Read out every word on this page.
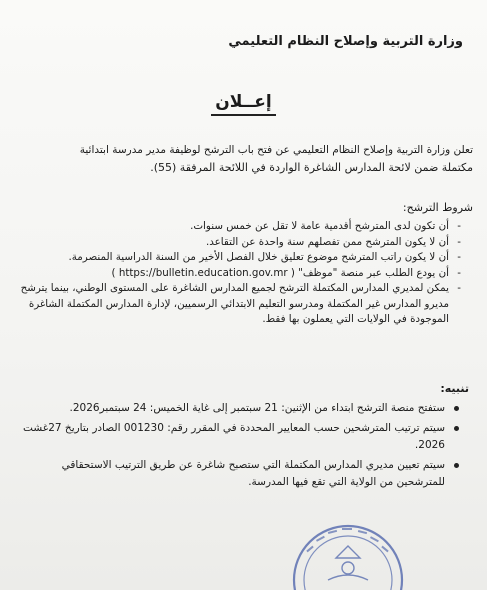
وزارة التربية وإصلاح النظام التعليمي
إعــلان
تعلن وزارة التربية وإصلاح النظام التعليمي عن فتح باب الترشح لوظيفة مدير مدرسة ابتدائية
مكتملة ضمن لائحة المدارس الشاغرة الواردة في اللائحة المرفقة (55).
شروط الترشح:
- أن تكون لدى المترشح أقدمية عامة لا تقل عن خمس سنوات.
- أن لا يكون المترشح ممن تفصلهم سنة واحدة عن التقاعد.
- أن لا يكون راتب المترشح موضوع تعليق خلال الفصل الأخير من السنة الدراسية المنصرمة.
- أن يودع الطلب عبر منصة "موظف" ( https://bulletin.education.gov.mr )
- يمكن لمديري المدارس المكتملة الترشح لجميع المدارس الشاغرة على المستوى الوطني، بينما يترشح مديرو المدارس غير المكتملة ومدرسو التعليم الابتدائي الرسميين، لإدارة المدارس المكتملة الشاغرة الموجودة في الولايات التي يعملون بها فقط.
تنبيه:
ستفتح منصة الترشح ابتداء من الإثنين: 21 سبتمبر إلى غاية الخميس: 24 سبتمبر2026.
سيتم ترتيب المترشحين حسب المعايير المحددة في المقرر رقم: 001230 الصادر بتاريخ 27غشت 2026.
سيتم تعيين مديري المدارس المكتملة التي ستصبح شاغرة عن طريق الترتيب الاستحقاقي للمترشحين من الولاية التي تقع فيها المدرسة.
